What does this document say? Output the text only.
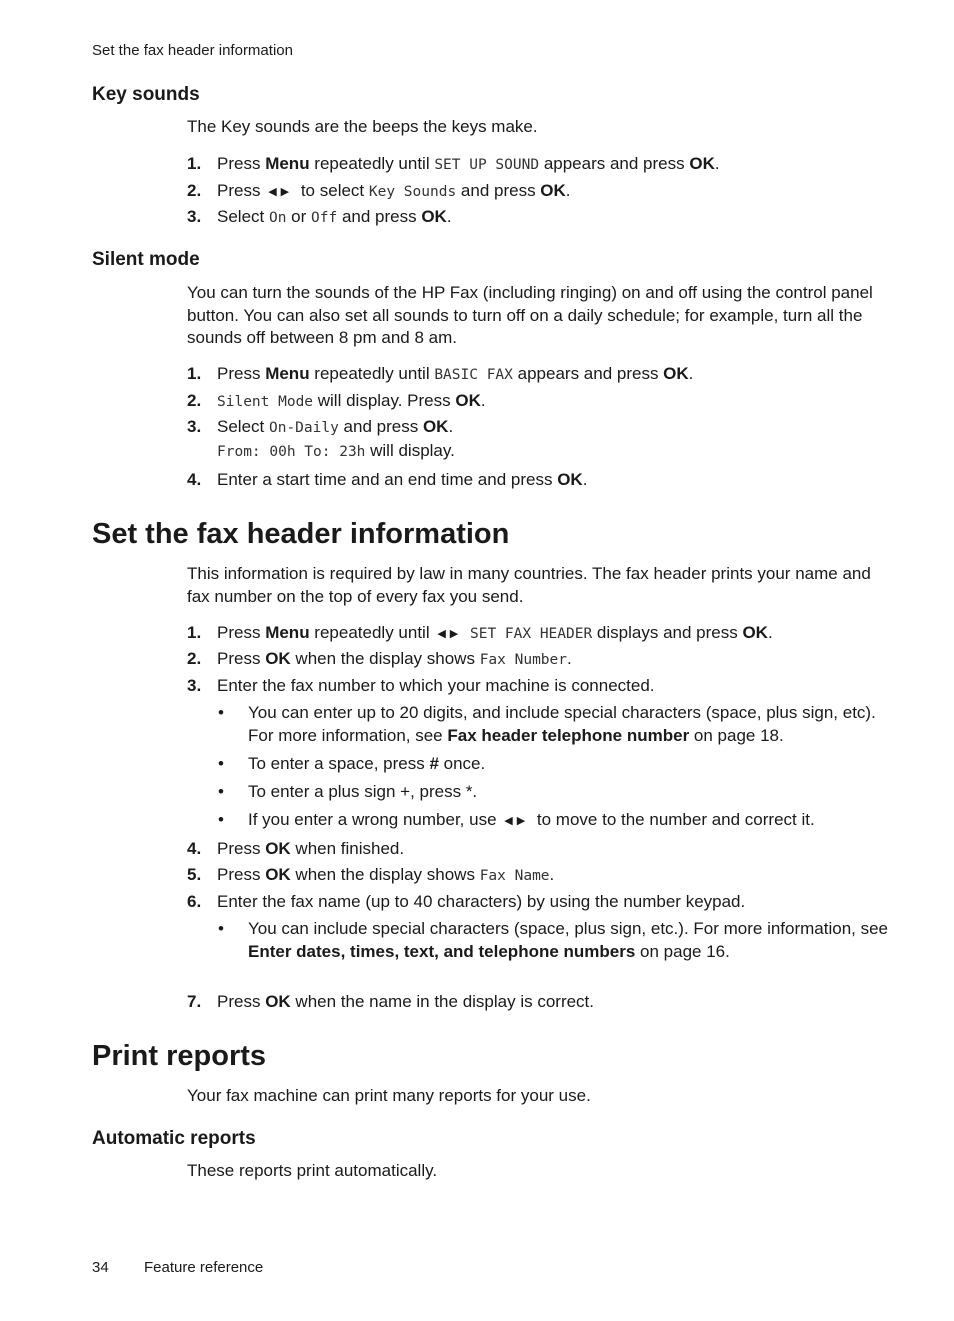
Set the fax header information
Key sounds
The Key sounds are the beeps the keys make.
1. Press Menu repeatedly until SET UP SOUND appears and press OK.
2. Press ◀▶ to select Key Sounds and press OK.
3. Select On or Off and press OK.
Silent mode
You can turn the sounds of the HP Fax (including ringing) on and off using the control panel button. You can also set all sounds to turn off on a daily schedule; for example, turn all the sounds off between 8 pm and 8 am.
1. Press Menu repeatedly until BASIC FAX appears and press OK.
2. Silent Mode will display. Press OK.
3. Select On-Daily and press OK.
From: 00h To: 23h will display.
4. Enter a start time and an end time and press OK.
Set the fax header information
This information is required by law in many countries. The fax header prints your name and fax number on the top of every fax you send.
1. Press Menu repeatedly until ◀▶ SET FAX HEADER displays and press OK.
2. Press OK when the display shows Fax Number.
3. Enter the fax number to which your machine is connected.
• You can enter up to 20 digits, and include special characters (space, plus sign, etc). For more information, see Fax header telephone number on page 18.
• To enter a space, press # once.
• To enter a plus sign +, press *.
• If you enter a wrong number, use ◀▶ to move to the number and correct it.
4. Press OK when finished.
5. Press OK when the display shows Fax Name.
6. Enter the fax name (up to 40 characters) by using the number keypad.
• You can include special characters (space, plus sign, etc.). For more information, see Enter dates, times, text, and telephone numbers on page 16.
7. Press OK when the name in the display is correct.
Print reports
Your fax machine can print many reports for your use.
Automatic reports
These reports print automatically.
34 Feature reference
